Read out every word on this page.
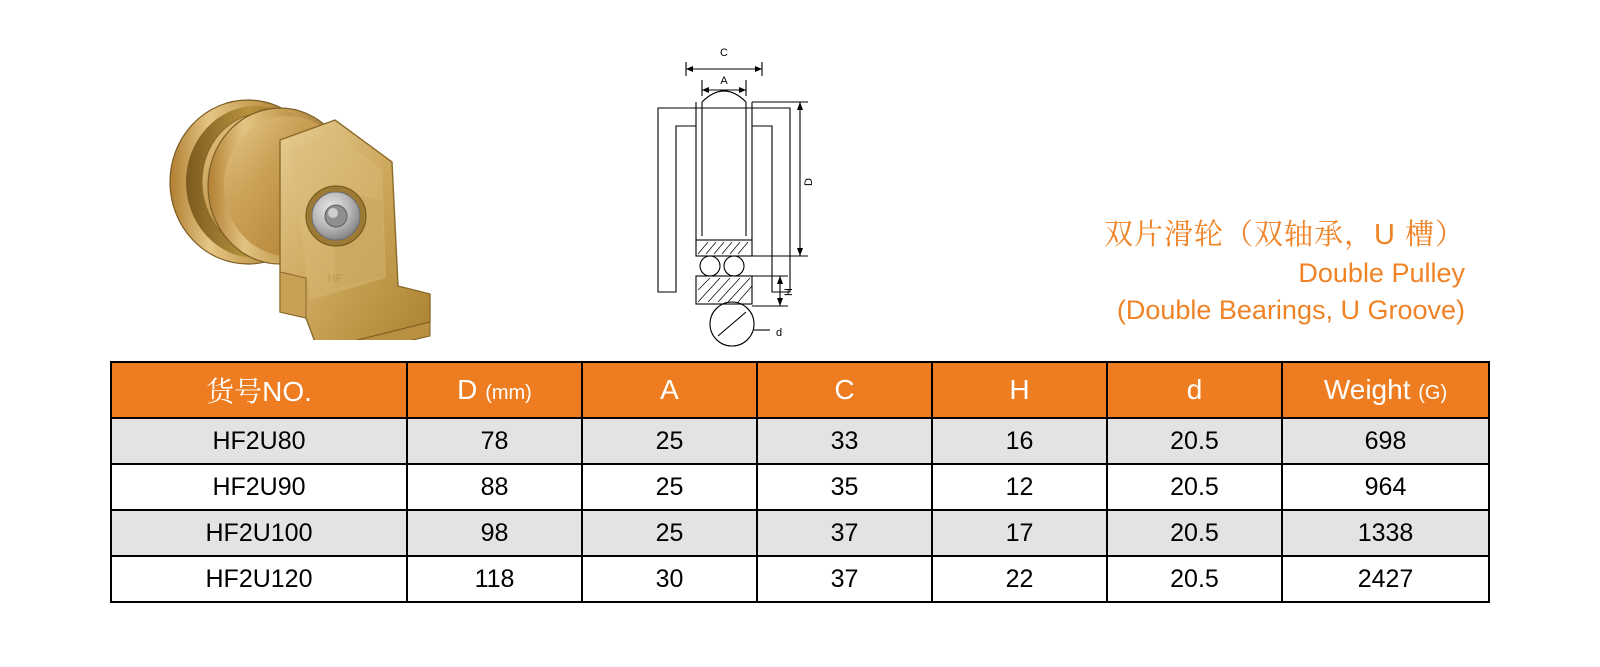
HF
C
A
D
H
d
双片滑轮（双轴承，U 槽）
Double Pulley
(Double Bearings, U Groove)
货号NO.	D (mm)	A	C	H	d	Weight (G)
HF2U80	78	25	33	16	20.5	698
HF2U90	88	25	35	12	20.5	964
HF2U100	98	25	37	17	20.5	1338
HF2U120	118	30	37	22	20.5	2427
